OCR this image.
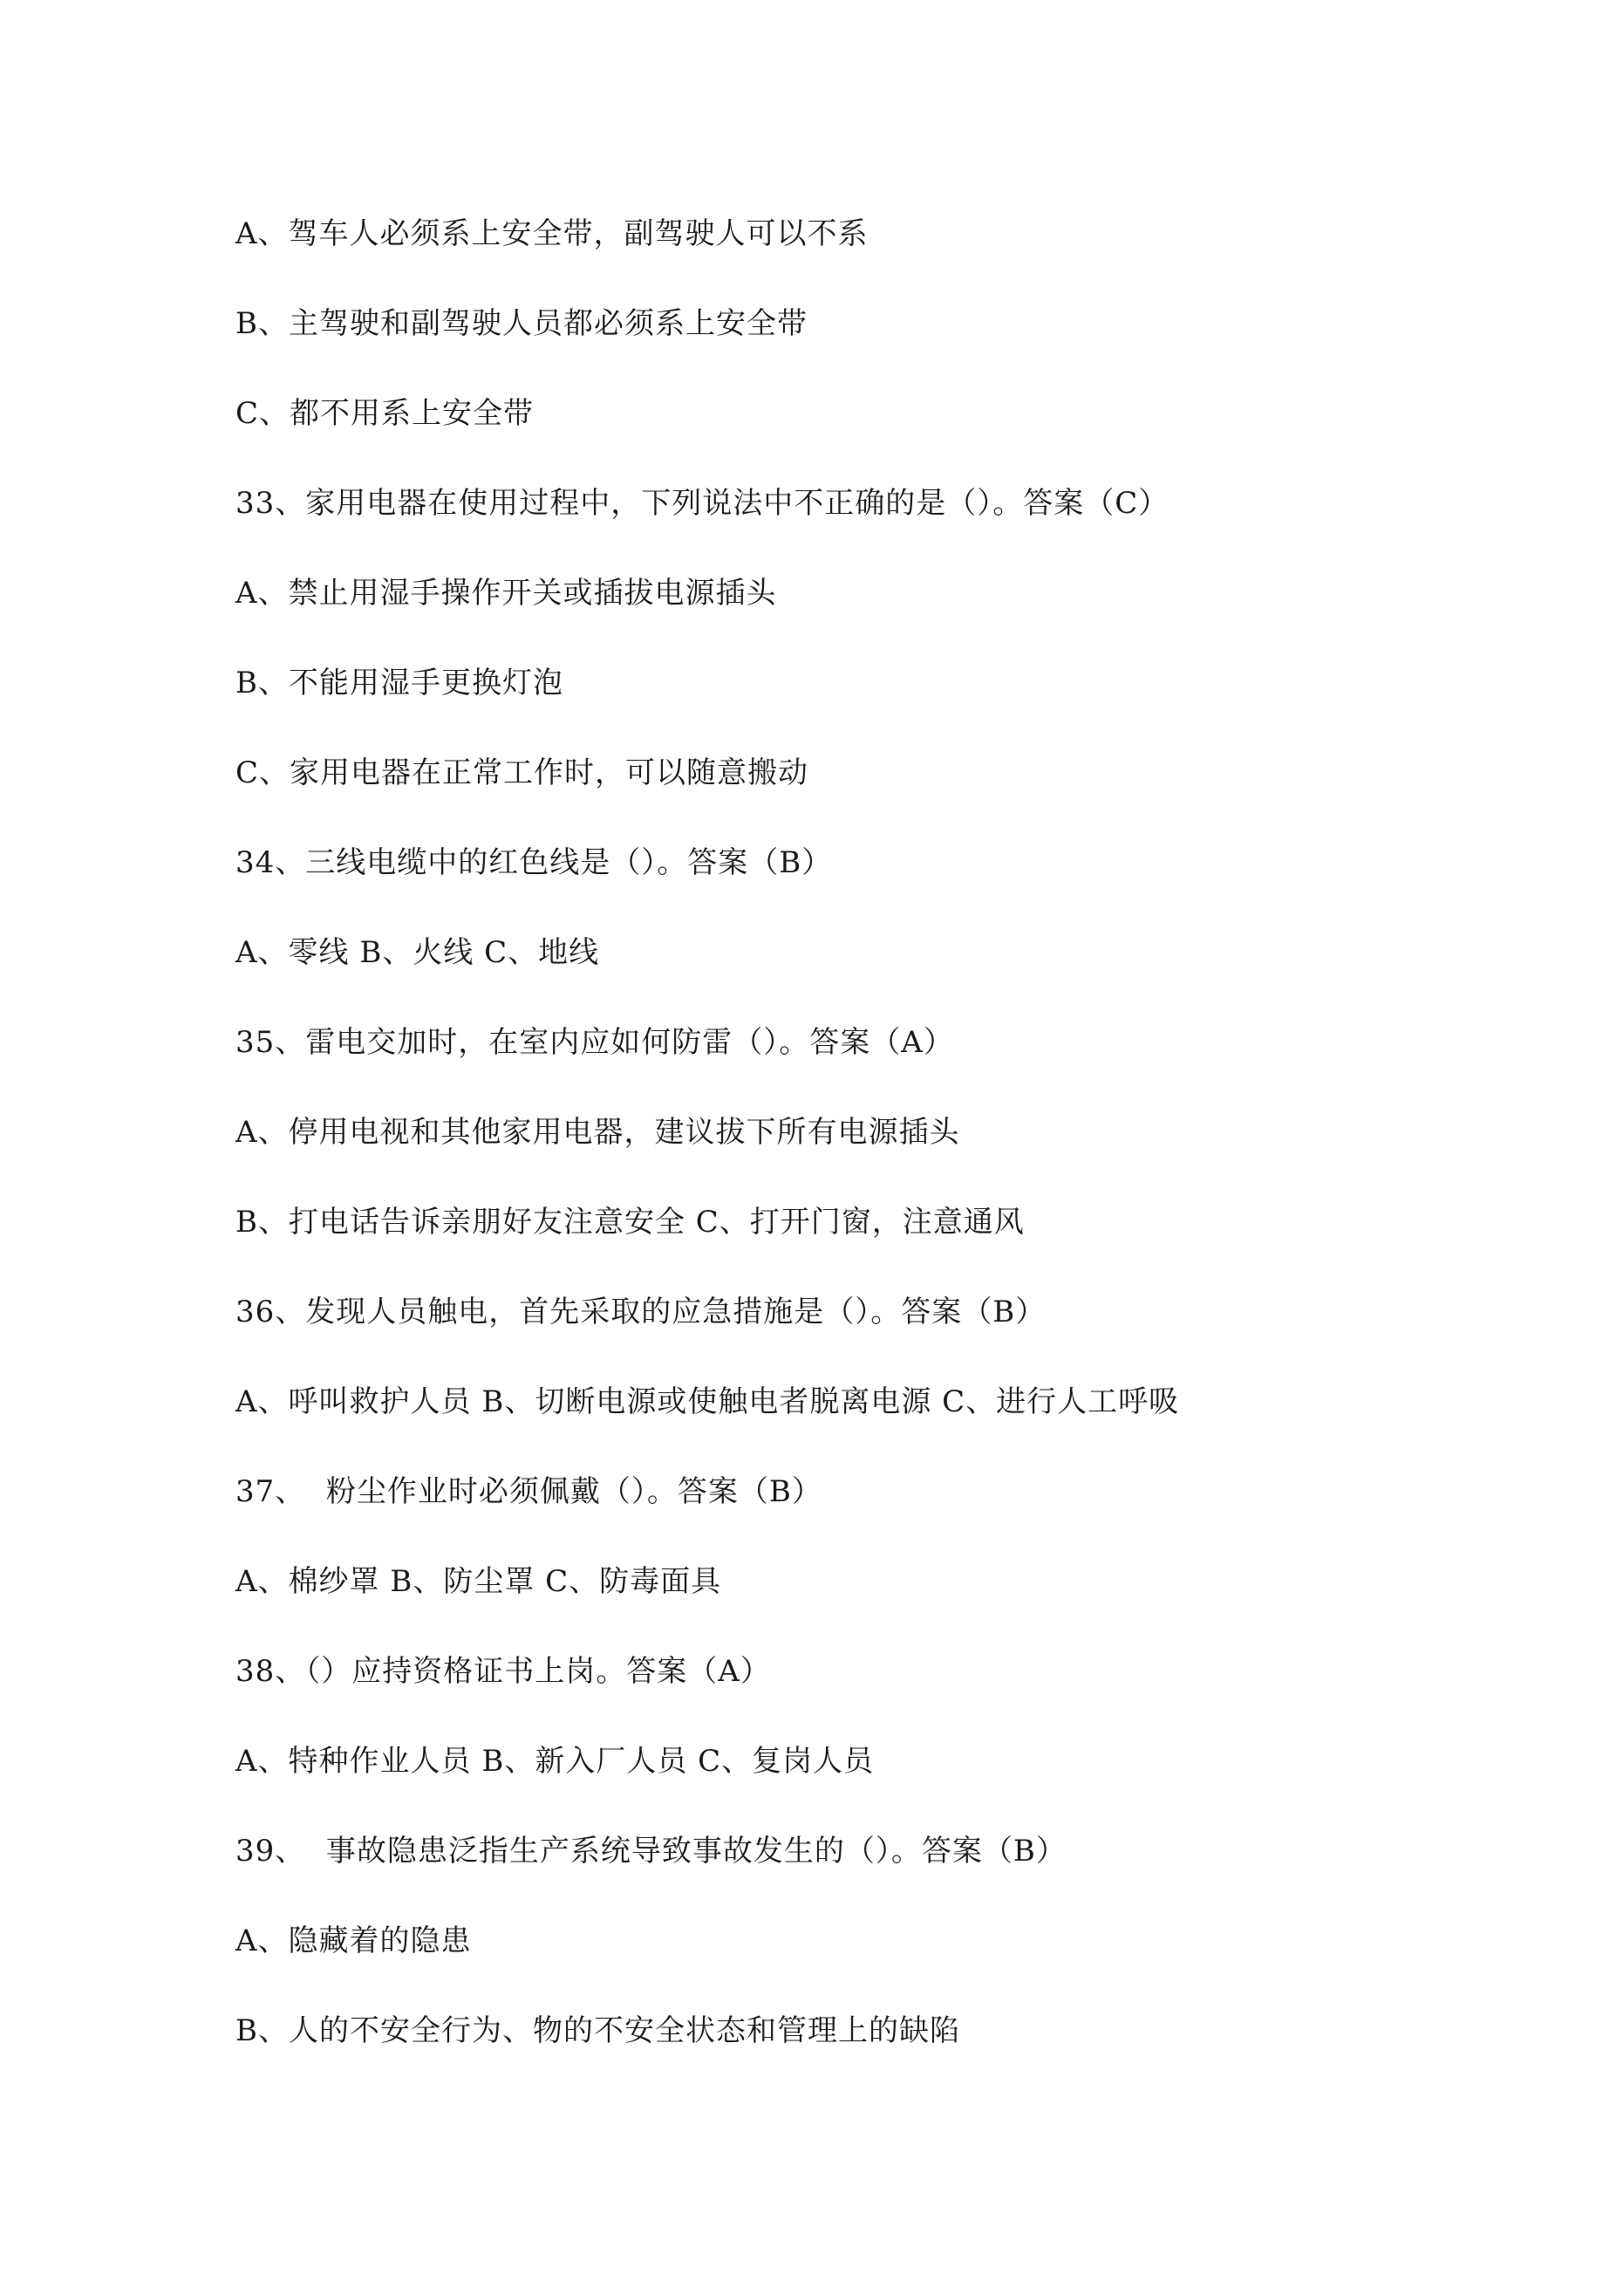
A、驾车人必须系上安全带，副驾驶人可以不系
B、主驾驶和副驾驶人员都必须系上安全带
C、都不用系上安全带
33、家用电器在使用过程中，下列说法中不正确的是（）。答案（C）
A、禁止用湿手操作开关或插拔电源插头
B、不能用湿手更换灯泡
C、家用电器在正常工作时，可以随意搬动
34、三线电缆中的红色线是（）。答案（B）
A、零线 B、火线 C、地线
35、雷电交加时，在室内应如何防雷（）。答案（A）
A、停用电视和其他家用电器，建议拔下所有电源插头
B、打电话告诉亲朋好友注意安全 C、打开门窗，注意通风
36、发现人员触电，首先采取的应急措施是（）。答案（B）
A、呼叫救护人员 B、切断电源或使触电者脱离电源 C、进行人工呼吸
37、  粉尘作业时必须佩戴（）。答案（B）
A、棉纱罩 B、防尘罩 C、防毒面具
38、（）应持资格证书上岗。答案（A）
A、特种作业人员 B、新入厂人员 C、复岗人员
39、  事故隐患泛指生产系统导致事故发生的（）。答案（B）
A、隐藏着的隐患
B、人的不安全行为、物的不安全状态和管理上的缺陷
